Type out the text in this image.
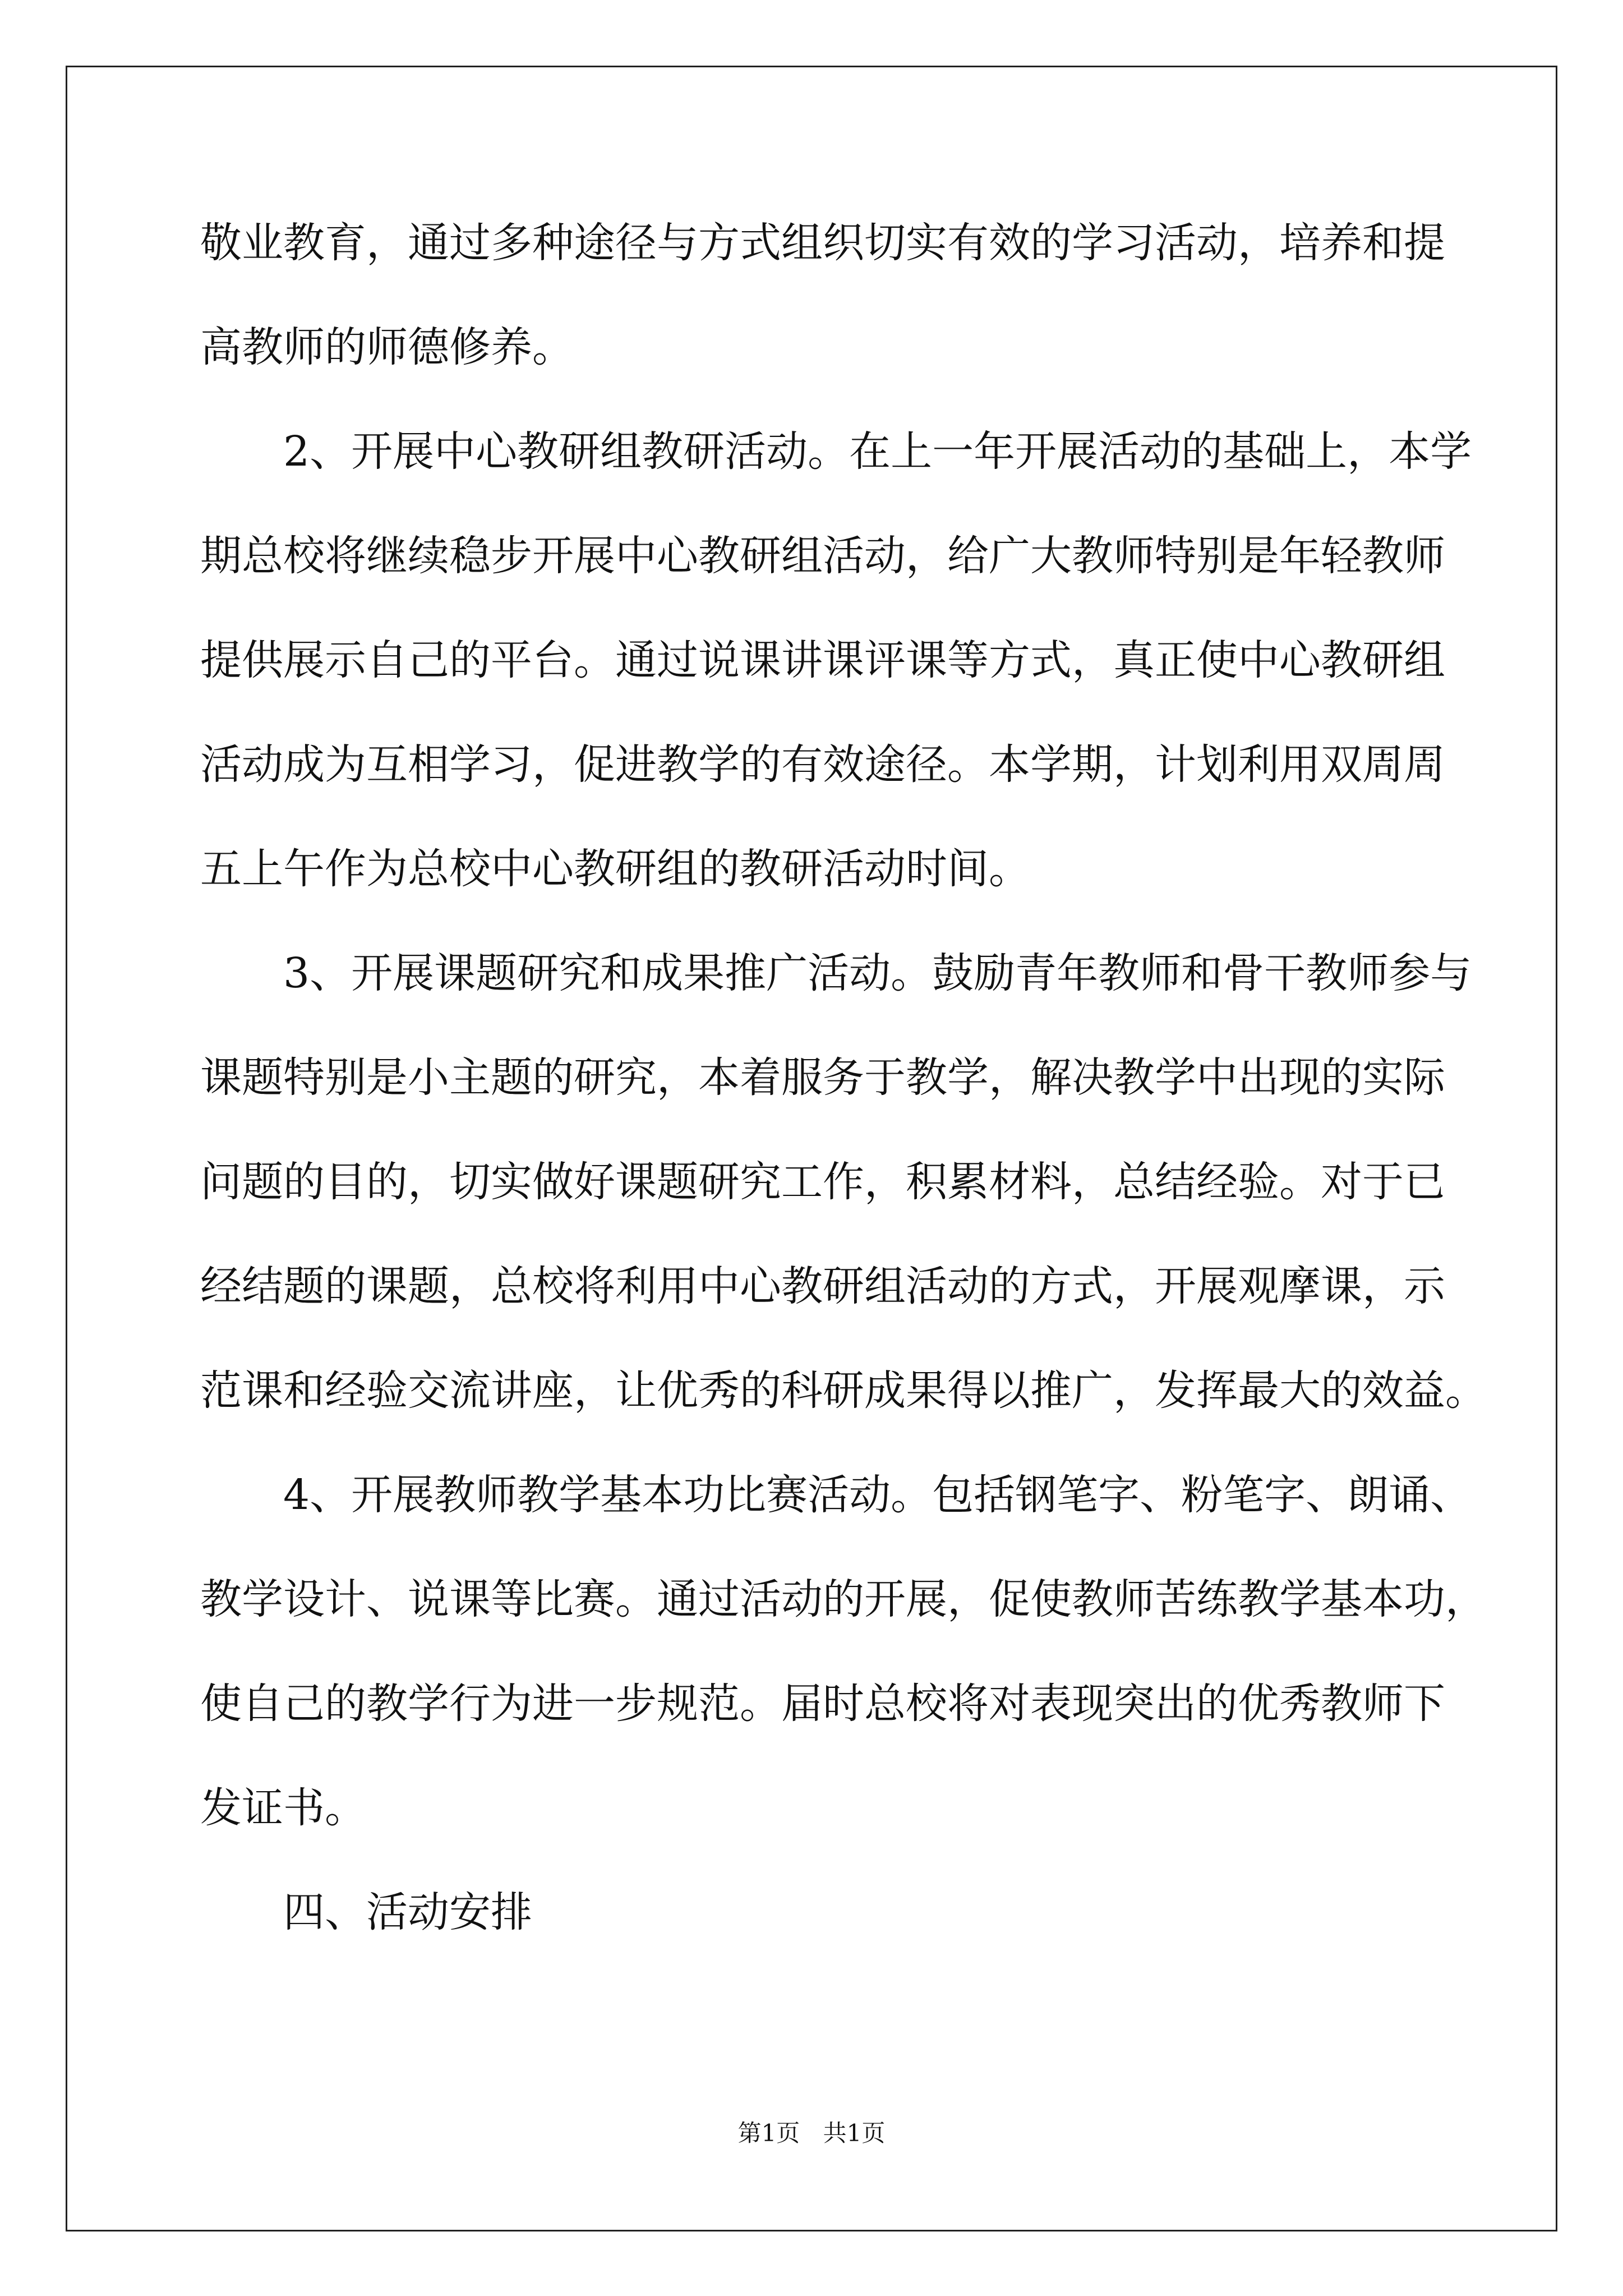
敬业教育，通过多种途径与方式组织切实有效的学习活动，培养和提
高教师的师德修养。
2、开展中心教研组教研活动。在上一年开展活动的基础上，本学
期总校将继续稳步开展中心教研组活动，给广大教师特别是年轻教师
提供展示自己的平台。通过说课讲课评课等方式，真正使中心教研组
活动成为互相学习，促进教学的有效途径。本学期，计划利用双周周
五上午作为总校中心教研组的教研活动时间。
3、开展课题研究和成果推广活动。鼓励青年教师和骨干教师参与
课题特别是小主题的研究，本着服务于教学，解决教学中出现的实际
问题的目的，切实做好课题研究工作，积累材料，总结经验。对于已
经结题的课题，总校将利用中心教研组活动的方式，开展观摩课，示
范课和经验交流讲座，让优秀的科研成果得以推广，发挥最大的效益。
4、开展教师教学基本功比赛活动。包括钢笔字、粉笔字、朗诵、
教学设计、说课等比赛。通过活动的开展，促使教师苦练教学基本功，
使自己的教学行为进一步规范。届时总校将对表现突出的优秀教师下
发证书。
四、活动安排
第1页 共1页
